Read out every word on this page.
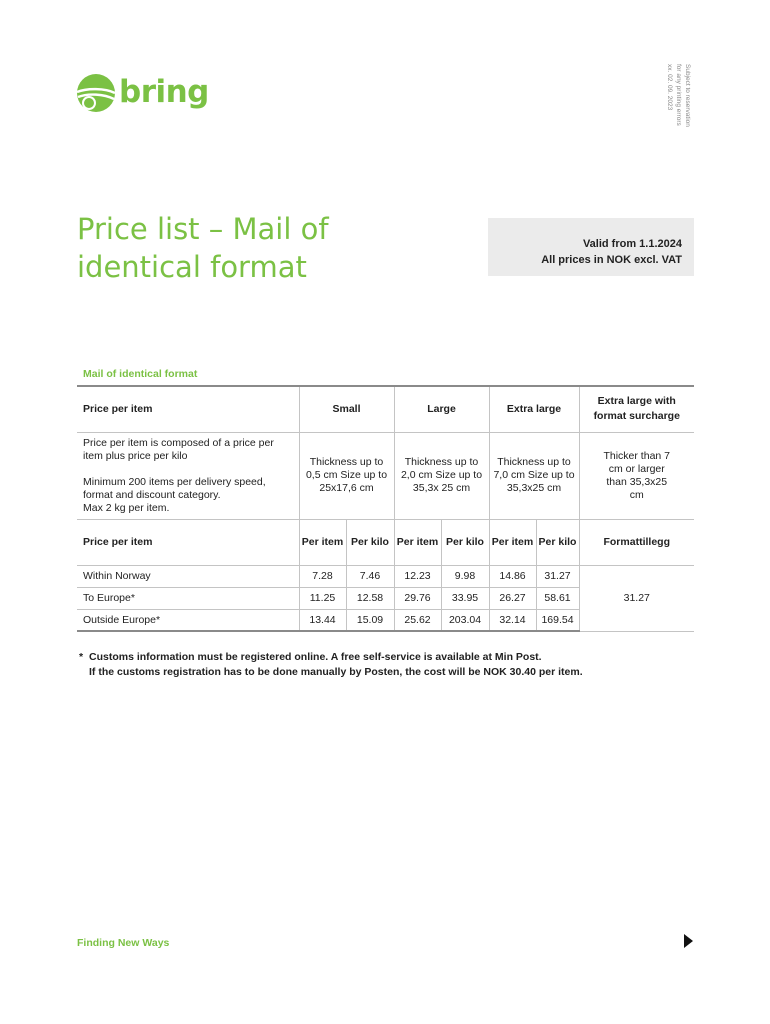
bring	Subject to reservation
for any printing errors
xx. 02. 09. 2023
Price list – Mail of identical format
Valid from 1.1.2024
All prices in NOK excl. VAT
Mail of identical format
Price per item	Small		Large		Extra large		Extra large with format surcharge

Price per item is composed of a price per item plus price per kilo
Minimum 200 items per delivery speed, format and discount category.
Max 2 kg per item.	Thickness up to 0,5 cm Size up to 25x17,6 cm		Thickness up to 2,0 cm Size up to 35,3x 25 cm		Thickness up to 7,0 cm Size up to 35,3x25 cm		Thicker than 7 cm or larger than 35,3x25 cm
Price per item	Per item	Per kilo	Per item	Per kilo	Per item	Per kilo	Formattillegg
Within Norway	7.28	7.46	12.23	9.98	14.86	31.27	31.27
To Europe*	11.25	12.58	29.76	33.95	26.27	58.61	
Outside Europe*	13.44	15.09	25.62	203.04	32.14	169.54	
* Customs information must be registered online. A free self-service is available at Min Post.
If the customs registration has to be done manually by Posten, the cost will be NOK 30.40 per item.
Finding New Ways
